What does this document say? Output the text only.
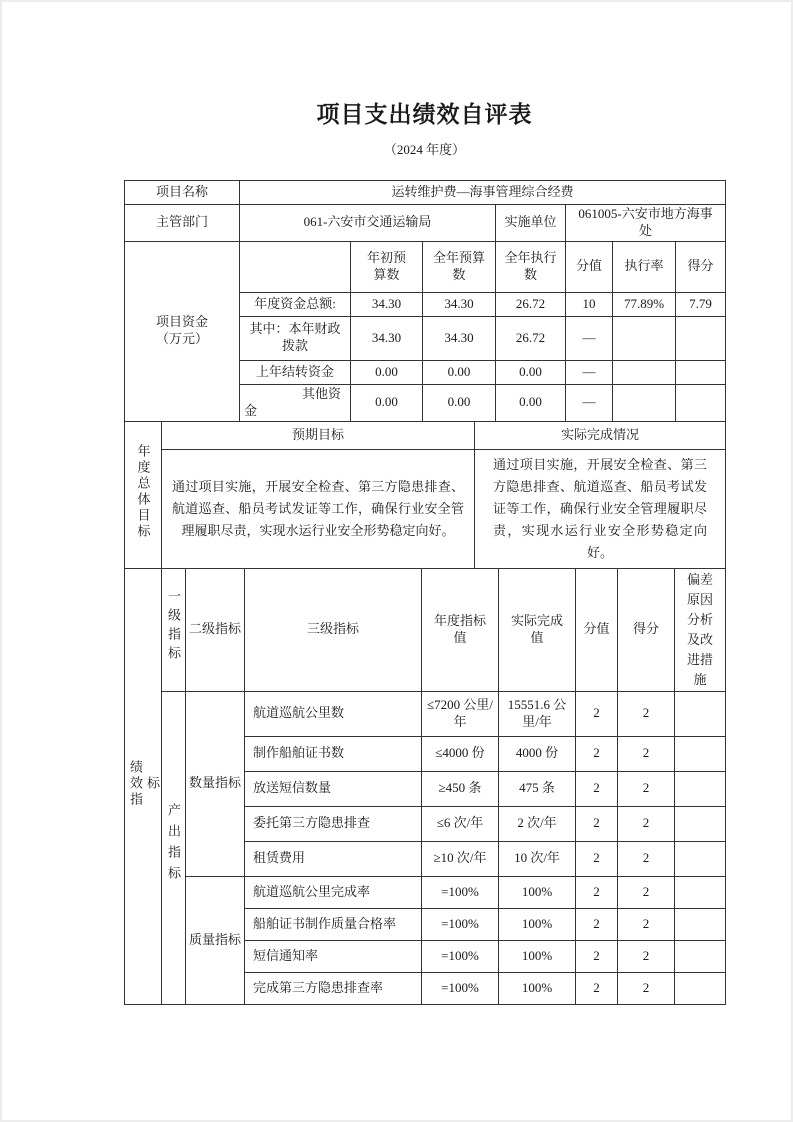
项目支出绩效自评表
（2024 年度）
项目名称	运转维护费—海事管理综合经费						
主管部门	061-六安市交通运输局			实施单位	061005-六安市地方海事处		
项目资金（万元）		年初预算数	全年预算数	全年执行数	分值	执行率	得分
	年度资金总额:	34.30	34.30	26.72	10	77.89%	7.79
	其中：本年财政拨款	34.30	34.30	26.72	—		
	上年结转资金	0.00	0.00	0.00	—		
	其他资金	0.00	0.00	0.00	—		
年度总体目标	预期目标	实际完成情况
	通过项目实施，开展安全检查、第三方隐患排查、航道巡查、船员考试发证等工作，确保行业安全管理履职尽责，实现水运行业安全形势稳定向好。	通过项目实施，开展安全检查、第三方隐患排查、航道巡查、船员考试发证等工作，确保行业安全管理履职尽责，实现水运行业安全形势稳定向好。
绩效指标	一级指标	二级指标	三级指标	年度指标值	实际完成值	分值	得分	偏差原因分析及改进措施
	产出指标	数量指标	航道巡航公里数	≤7200 公里/年	15551.6 公里/年	2	2	
			制作船舶证书数	≤4000 份	4000 份	2	2	
			放送短信数量	≥450 条	475 条	2	2	
			委托第三方隐患排查	≤6 次/年	2 次/年	2	2	
			租赁费用	≥10 次/年	10 次/年	2	2	
		质量指标	航道巡航公里完成率	=100%	100%	2	2	
			船舶证书制作质量合格率	=100%	100%	2	2	
			短信通知率	=100%	100%	2	2	
			完成第三方隐患排查率	=100%	100%	2	2	
